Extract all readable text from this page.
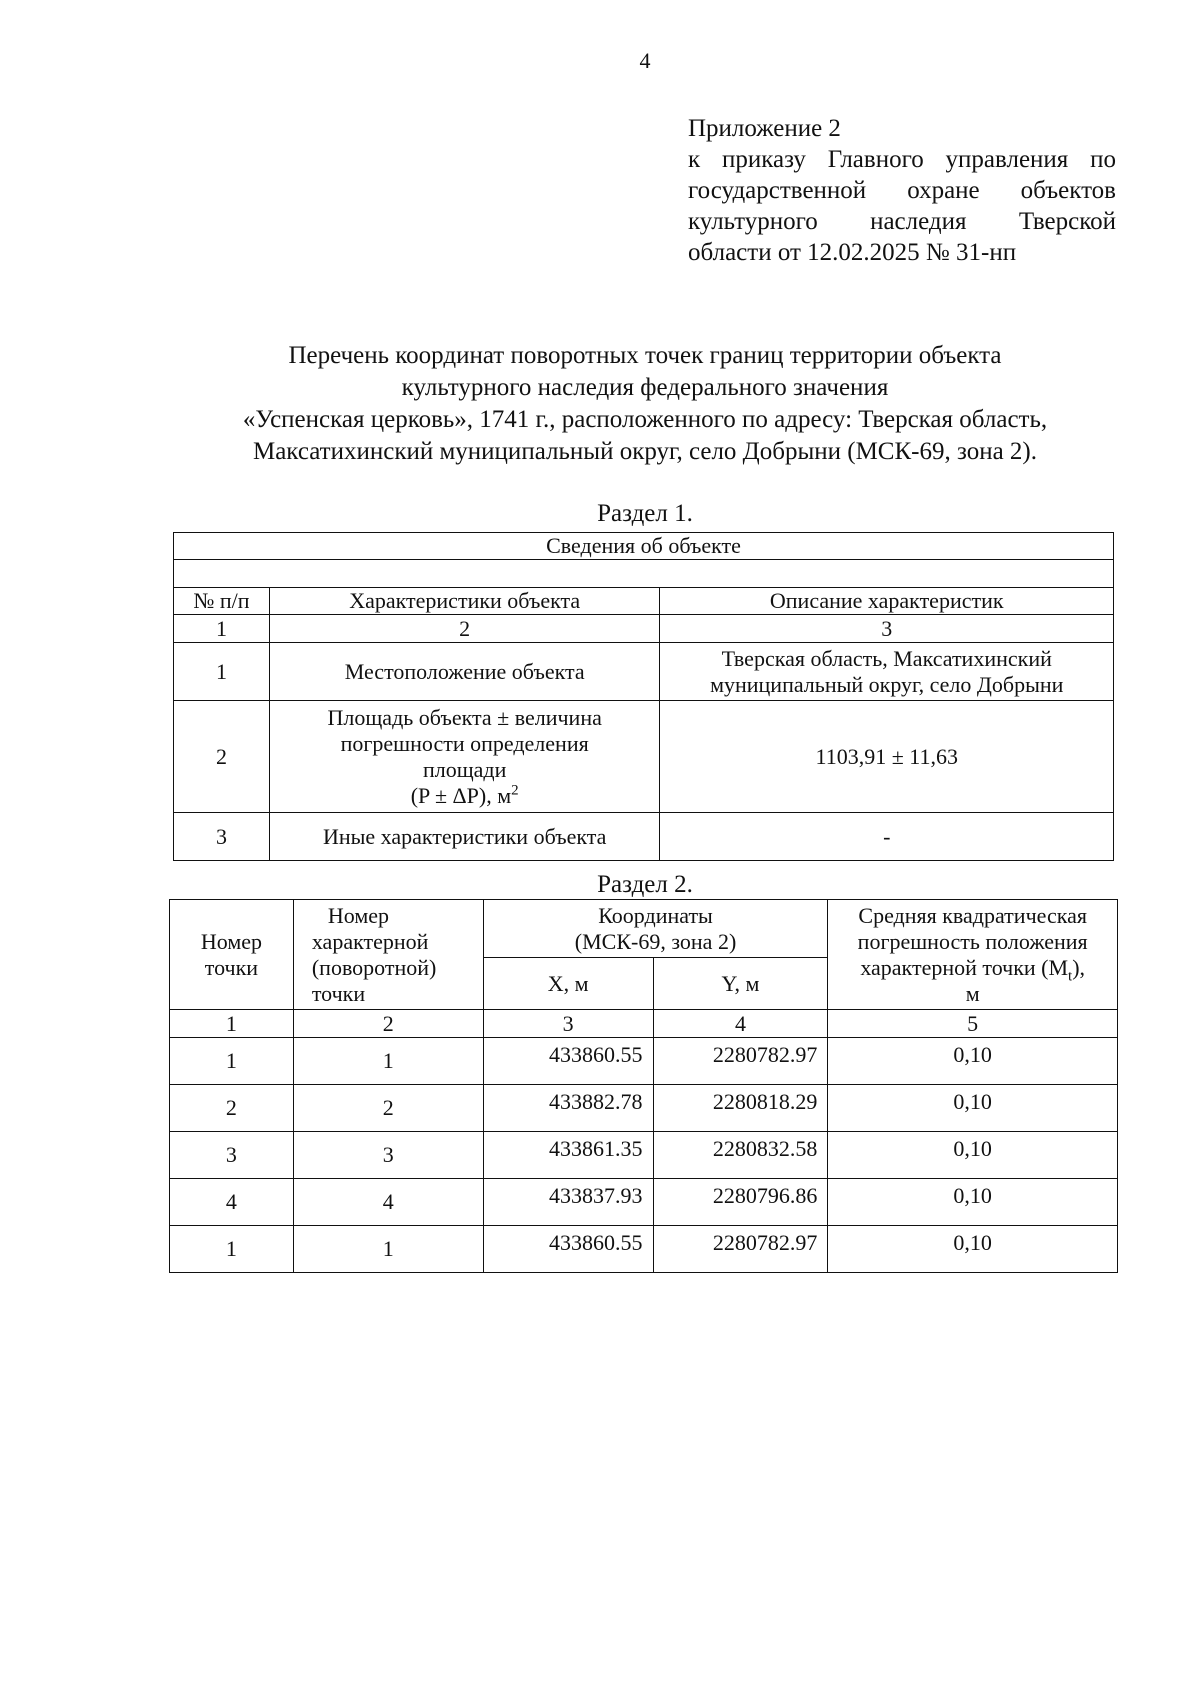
4
Приложение 2
к приказу Главного управления по
государственной охране объектов
культурного наследия Тверской
области от 12.02.2025 № 31-нп
Перечень координат поворотных точек границ территории объекта
культурного наследия федерального значения
«Успенская церковь», 1741 г., расположенного по адресу: Тверская область,
Максатихинский муниципальный округ, село Добрыни (МСК-69, зона 2).
Раздел 1.
Сведения об объекте		

№ п/п	Характеристики объекта	Описание характеристик
1	2	3
1	Местоположение объекта	Тверская область, Максатихинский
муниципальный округ, село Добрыни

2	Площадь объекта ± величина
погрешности определения
площади
(P ± ΔP), $м^2$	1103,91 ± 11,63
3	Иные характеристики объекта	-
Раздел 2.
Номер
точки	Номер
характерной
(поворотной)
точки	Координаты
(МСК-69, зона 2)		Средняя квадратическая
погрешность положения
характерной точки $(M_t)$,
м

		X, м	Y, м	
1	2	3	4	5
1	1	433860.55	2280782.97	0,10
2	2	433882.78	2280818.29	0,10
3	3	433861.35	2280832.58	0,10
4	4	433837.93	2280796.86	0,10
1	1	433860.55	2280782.97	0,10
